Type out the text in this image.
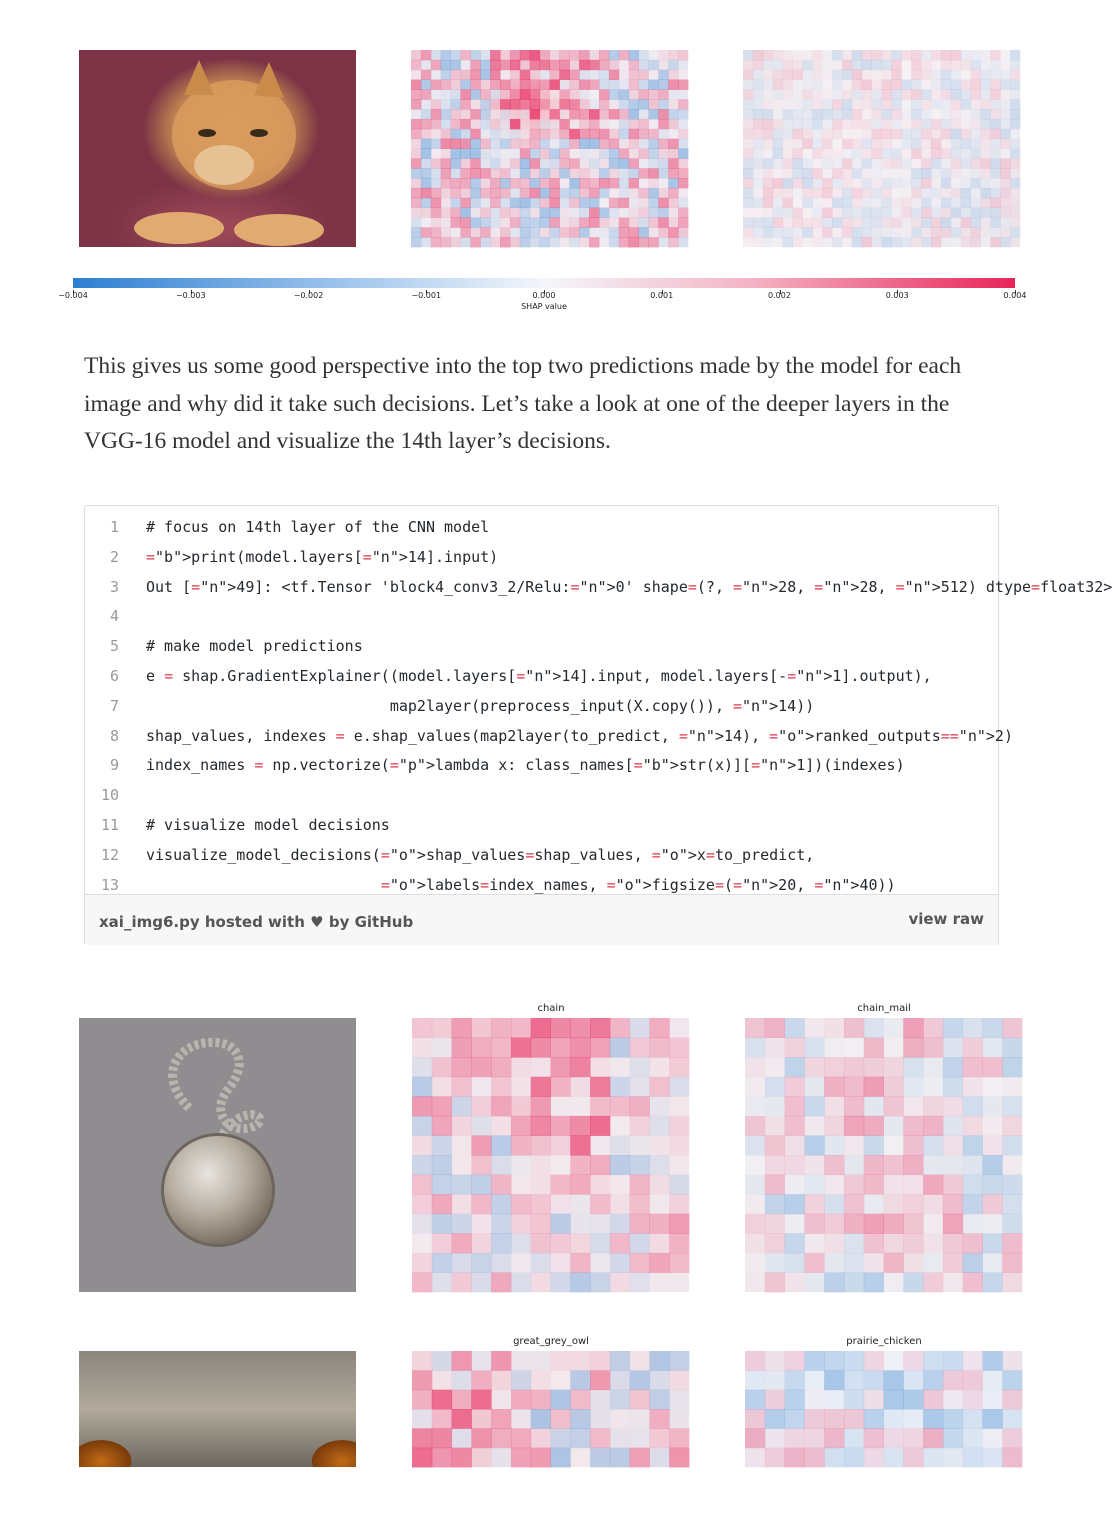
−0.004	−0.003	−0.002	−0.001	0.000	0.001	0.002	0.003	0.004
SHAP value
This gives us some good perspective into the top two predictions made by the model for each image and why did it take such decisions. Let’s take a look at one of the deeper layers in the VGG-16 model and visualize the 14th layer’s decisions.
1 # focus on 14th layer of the CNN model
2 ="b">print(model.layers[="n">14].input)
3 Out [="n">49]: <tf.Tensor 'block4_conv3_2/Relu:="n">0' shape=(?, ="n">28, ="n">28, ="n">512) dtype=float32>
4
5 # make model predictions
6 e = shap.GradientExplainer((model.layers[="n">14].input, model.layers[-="n">1].output),
7 map2layer(preprocess_input(X.copy()), ="n">14))
8 shap_values, indexes = e.shap_values(map2layer(to_predict, ="n">14), ="o">ranked_outputs=="n">2)
9 index_names = np.vectorize(="p">lambda x: class_names[="b">str(x)][="n">1])(indexes)
10
11 # visualize model decisions
12 visualize_model_decisions(="o">shap_values=shap_values, ="o">x=to_predict,
13	="o">labels=index_names, ="o">figsize=(="n">20, ="n">40))
xai_img6.py hosted with ♥ by GitHub	view raw
chain	chain_mail
great_grey_owl	prairie_chicken
